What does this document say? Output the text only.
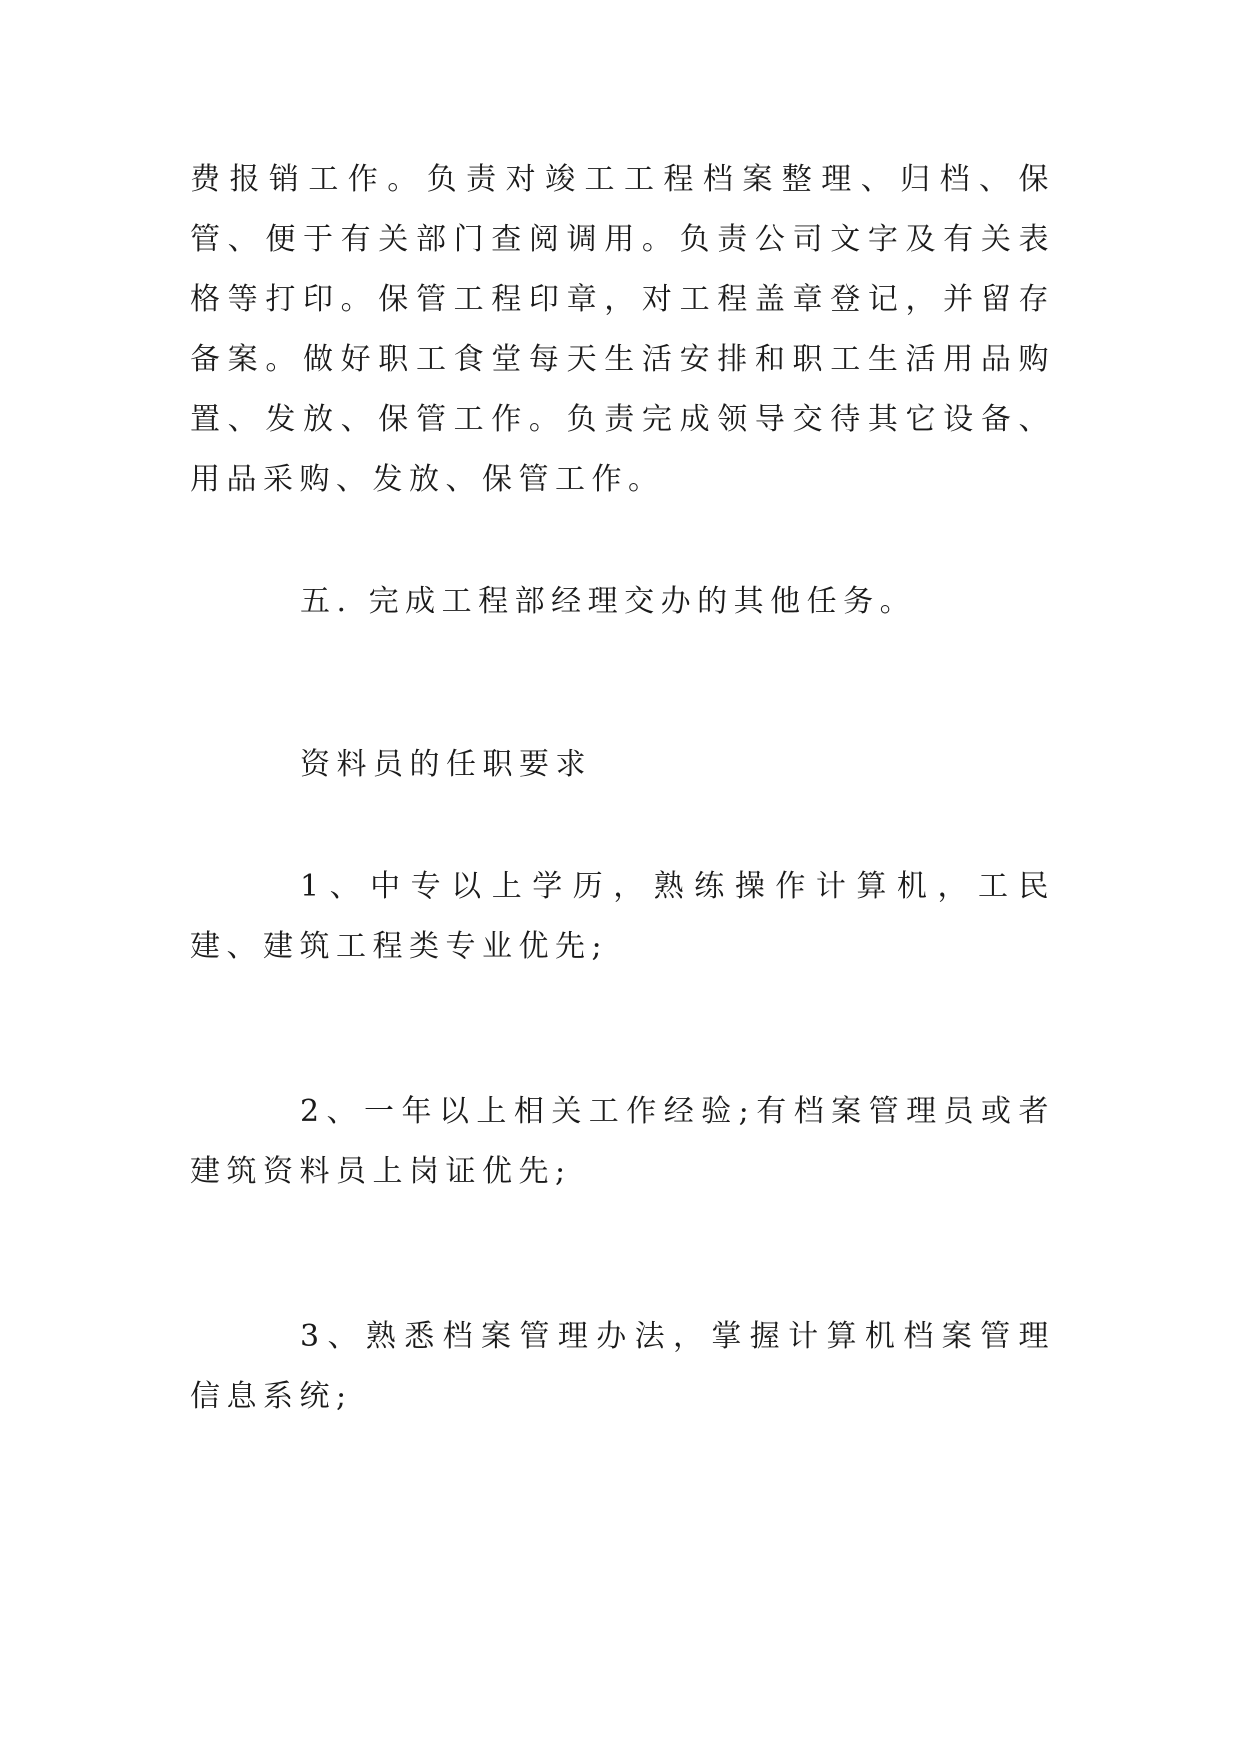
费报销工作。负责对竣工工程档案整理、归档、保管、便于有关部门查阅调用。负责公司文字及有关表格等打印。保管工程印章，对工程盖章登记，并留存备案。做好职工食堂每天生活安排和职工生活用品购置、发放、保管工作。负责完成领导交待其它设备、用品采购、发放、保管工作。

五. 完成工程部经理交办的其他任务。

资料员的任职要求

1、中专以上学历，熟练操作计算机，工民建、建筑工程类专业优先;

2、一年以上相关工作经验;有档案管理员或者建筑资料员上岗证优先;

3、熟悉档案管理办法，掌握计算机档案管理信息系统;
